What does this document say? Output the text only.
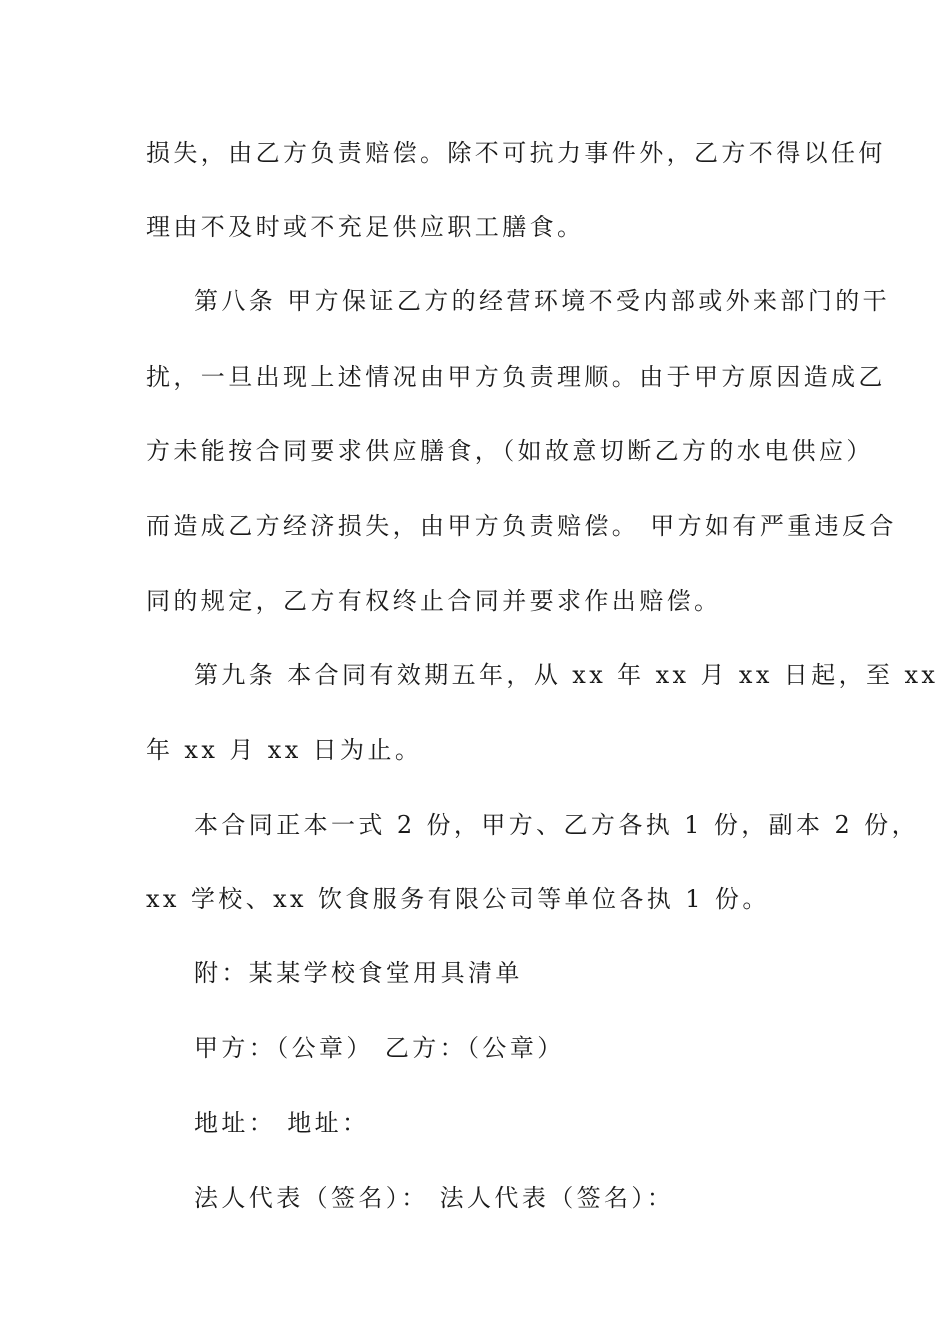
损失，由乙方负责赔偿。除不可抗力事件外，乙方不得以任何
理由不及时或不充足供应职工膳食。
第八条 甲方保证乙方的经营环境不受内部或外来部门的干
扰，一旦出现上述情况由甲方负责理顺。由于甲方原因造成乙
方未能按合同要求供应膳食，（如故意切断乙方的水电供应）
而造成乙方经济损失，由甲方负责赔偿。 甲方如有严重违反合
同的规定，乙方有权终止合同并要求作出赔偿。
第九条 本合同有效期五年，从 xx 年 xx 月 xx 日起，至 xx
年 xx 月 xx 日为止。
本合同正本一式 2 份，甲方、乙方各执 1 份，副本 2 份，
xx 学校、xx 饮食服务有限公司等单位各执 1 份。
附：某某学校食堂用具清单
甲方：（公章） 乙方：（公章）
地址： 地址：
法人代表（签名）： 法人代表（签名）：
